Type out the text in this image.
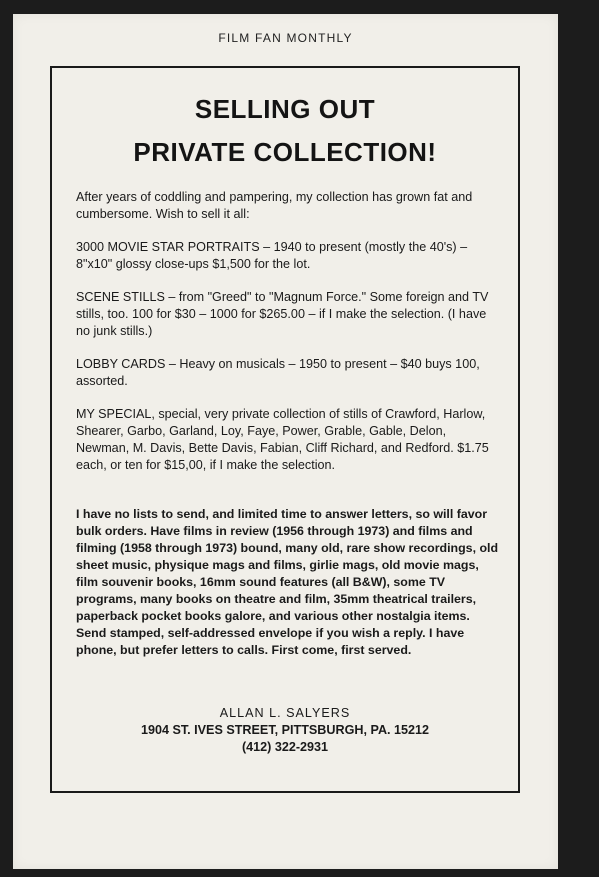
FILM FAN MONTHLY
SELLING OUT
PRIVATE COLLECTION!

After years of coddling and pampering, my collection has grown fat and cumbersome. Wish to sell it all:

3000 MOVIE STAR PORTRAITS – 1940 to present (mostly the 40's) – 8"x10" glossy close-ups $1,500 for the lot.

SCENE STILLS – from "Greed" to "Magnum Force." Some foreign and TV stills, too. 100 for $30 – 1000 for $265.00 – if I make the selection. (I have no junk stills.)

LOBBY CARDS – Heavy on musicals – 1950 to present – $40 buys 100, assorted.

MY SPECIAL, special, very private collection of stills of Crawford, Harlow, Shearer, Garbo, Garland, Loy, Faye, Power, Grable, Gable, Delon, Newman, M. Davis, Bette Davis, Fabian, Cliff Richard, and Redford. $1.75 each, or ten for $15,00, if I make the selection.

I have no lists to send, and limited time to answer letters, so will favor bulk orders. Have films in review (1956 through 1973) and films and filming (1958 through 1973) bound, many old, rare show recordings, old sheet music, physique mags and films, girlie mags, old movie mags, film souvenir books, 16mm sound features (all B&W), some TV programs, many books on theatre and film, 35mm theatrical trailers, paperback pocket books galore, and various other nostalgia items. Send stamped, self-addressed envelope if you wish a reply. I have phone, but prefer letters to calls. First come, first served.

ALLAN L. SALYERS
1904 ST. IVES STREET, PITTSBURGH, PA. 15212
(412) 322-2931
